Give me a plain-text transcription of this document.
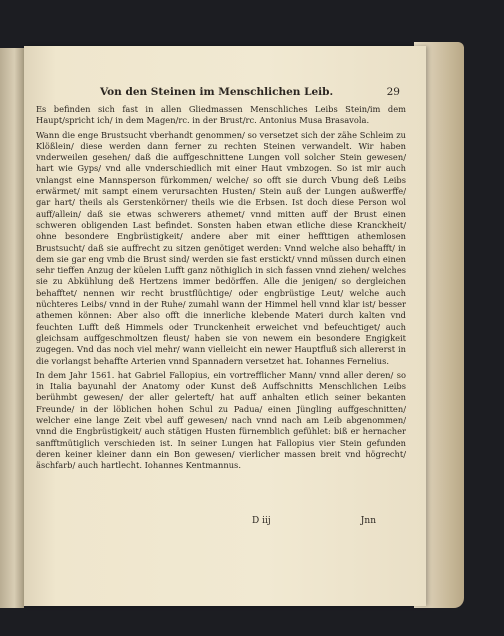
Von den Steinen im Menschlichen Leib.	29

Es befinden sich fast in allen Gliedmassen Menschliches Leibs Stein/im dem Haupt/spricht ich/ in dem Magen/rc. in der Brust/rc. Antonius Musa Brasavola.

Wann die enge Brustsucht vberhandt genommen/ so versetzet sich der zähe Schleim zu Klößlein/ diese werden dann ferner zu rechten Steinen verwandelt. Wir haben vnderweilen gesehen/ daß die auffgeschnittene Lungen voll solcher Stein gewesen/ hart wie Gyps/ vnd alle vnderschiedlich mit einer Haut vmbzogen. So ist mir auch vnlangst eine Mannsperson fürkommen/ welche/ so offt sie durch Vbung deß Leibs erwärmet/ mit sampt einem verursachten Husten/ Stein auß der Lungen außwerffe/ gar hart/ theils als Gerstenkörner/ theils wie die Erbsen. Ist doch diese Person wol auff/allein/ daß sie etwas schwerers athemet/ vnnd mitten auff der Brust einen schweren obligenden Last befindet. Sonsten haben etwan etliche diese Kranckheit/ ohne besondere Engbrüstigkeit/ andere aber mit einer heffttigen athemlosen Brustsucht/ daß sie auffrecht zu sitzen genötiget werden: Vnnd welche also behafft/ in dem sie gar eng vmb die Brust sind/ werden sie fast erstickt/ vnnd müssen durch einen sehr tieffen Anzug der küelen Lufft ganz nöthiglich in sich fassen vnnd ziehen/ welches sie zu Abkühlung deß Hertzens immer bedörffen. Alle die jenigen/ so dergleichen behafftet/ nennen wir recht brustflüchtige/ oder engbrüstige Leut/ welche auch nüchteres Leibs/ vnnd in der Ruhe/ zumahl wann der Himmel hell vnnd klar ist/ besser athemen können: Aber also offt die innerliche klebende Materi durch kalten vnd feuchten Lufft deß Himmels oder Trunckenheit erweichet vnd befeuchtiget/ auch gleichsam auffgeschmoltzen fleust/ haben sie von newem ein besondere Engigkeit zugegen. Vnd das noch viel mehr/ wann vielleicht ein newer Hauptfluß sich allererst in die vorlangst behaffte Arterien vnnd Spannadern versetzet hat. Iohannes Fernelius.

In dem Jahr 1561. hat Gabriel Fallopius, ein vortrefflicher Mann/ vnnd aller deren/ so in Italia bayunahl der Anatomy oder Kunst deß Auffschnitts Menschlichen Leibs berühmbt gewesen/ der aller gelerteft/ hat auff anhalten etlich seiner bekanten Freunde/ in der löblichen hohen Schul zu Padua/ einen Jüngling auffgeschnitten/ welcher eine lange Zeit vbel auff gewesen/ nach vnnd nach am Leib abgenommen/ vnnd die Engbrüstigkeit/ auch stätigen Husten fürnemblich gefühlet: biß er hernacher sanfftmütiglich verschieden ist. In seiner Lungen hat Fallopius vier Stein gefunden deren keiner kleiner dann ein Bon gewesen/ vierlicher massen breit vnd högrecht/ äschfarb/ auch hartlecht. Iohannes Kentmannus.

D iij	Jnn
